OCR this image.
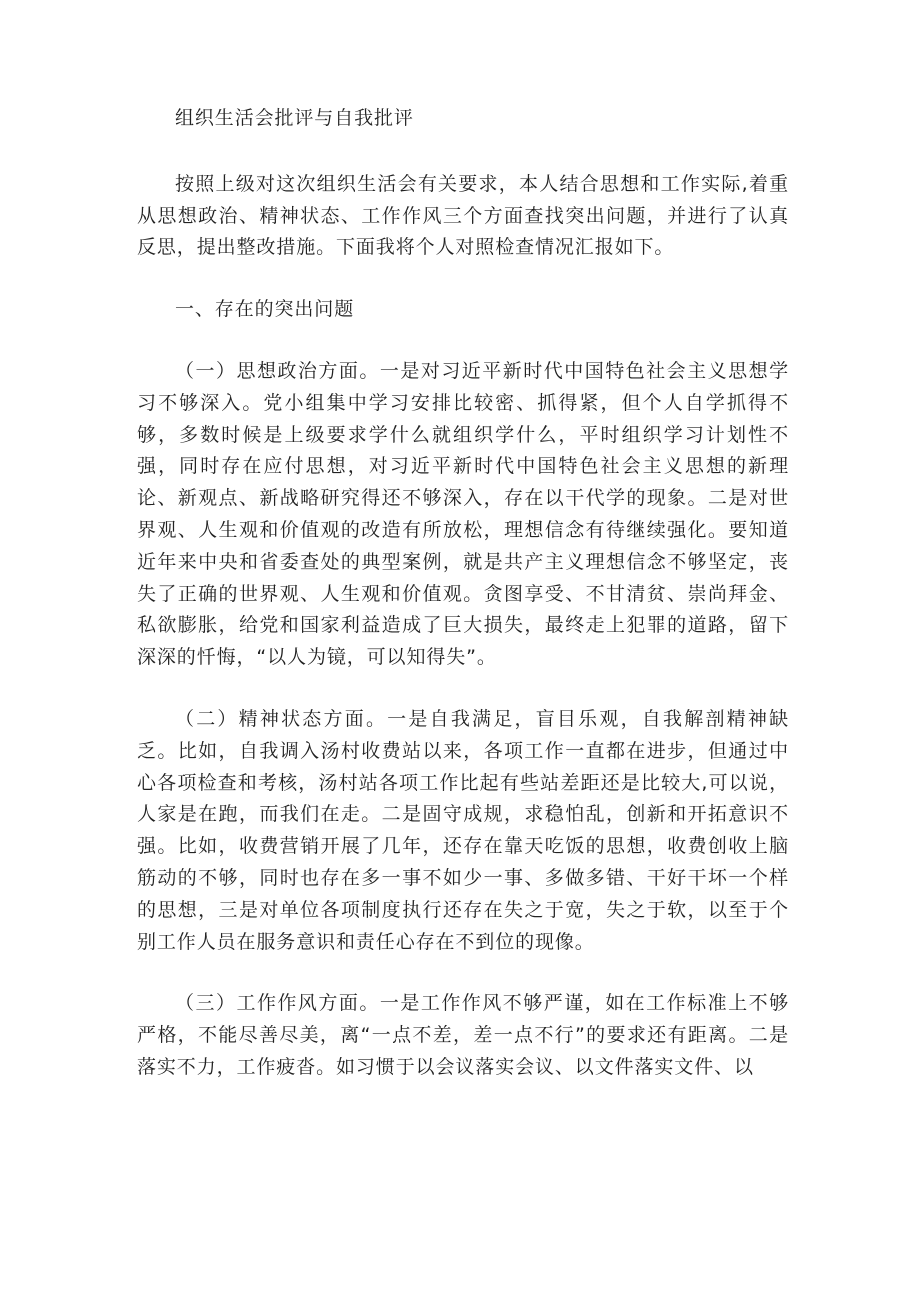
组织生活会批评与自我批评

按照上级对这次组织生活会有关要求，本人结合思想和工作实际,着重从思想政治、精神状态、工作作风三个方面查找突出问题，并进行了认真反思，提出整改措施。下面我将个人对照检查情况汇报如下。

一、存在的突出问题

（一）思想政治方面。一是对习近平新时代中国特色社会主义思想学习不够深入。党小组集中学习安排比较密、抓得紧，但个人自学抓得不够，多数时候是上级要求学什么就组织学什么，平时组织学习计划性不强，同时存在应付思想，对习近平新时代中国特色社会主义思想的新理论、新观点、新战略研究得还不够深入，存在以干代学的现象。二是对世界观、人生观和价值观的改造有所放松，理想信念有待继续强化。要知道近年来中央和省委查处的典型案例，就是共产主义理想信念不够坚定，丧失了正确的世界观、人生观和价值观。贪图享受、不甘清贫、崇尚拜金、私欲膨胀，给党和国家利益造成了巨大损失，最终走上犯罪的道路，留下深深的忏悔，“以人为镜，可以知得失”。

（二）精神状态方面。一是自我满足，盲目乐观，自我解剖精神缺乏。比如，自我调入汤村收费站以来，各项工作一直都在进步，但通过中心各项检查和考核，汤村站各项工作比起有些站差距还是比较大,可以说，人家是在跑，而我们在走。二是固守成规，求稳怕乱，创新和开拓意识不强。比如，收费营销开展了几年，还存在靠天吃饭的思想，收费创收上脑筋动的不够，同时也存在多一事不如少一事、多做多错、干好干坏一个样的思想，三是对单位各项制度执行还存在失之于宽，失之于软，以至于个别工作人员在服务意识和责任心存在不到位的现像。

（三）工作作风方面。一是工作作风不够严谨，如在工作标准上不够严格，不能尽善尽美，离“一点不差，差一点不行”的要求还有距离。二是落实不力，工作疲沓。如习惯于以会议落实会议、以文件落实文件、以
